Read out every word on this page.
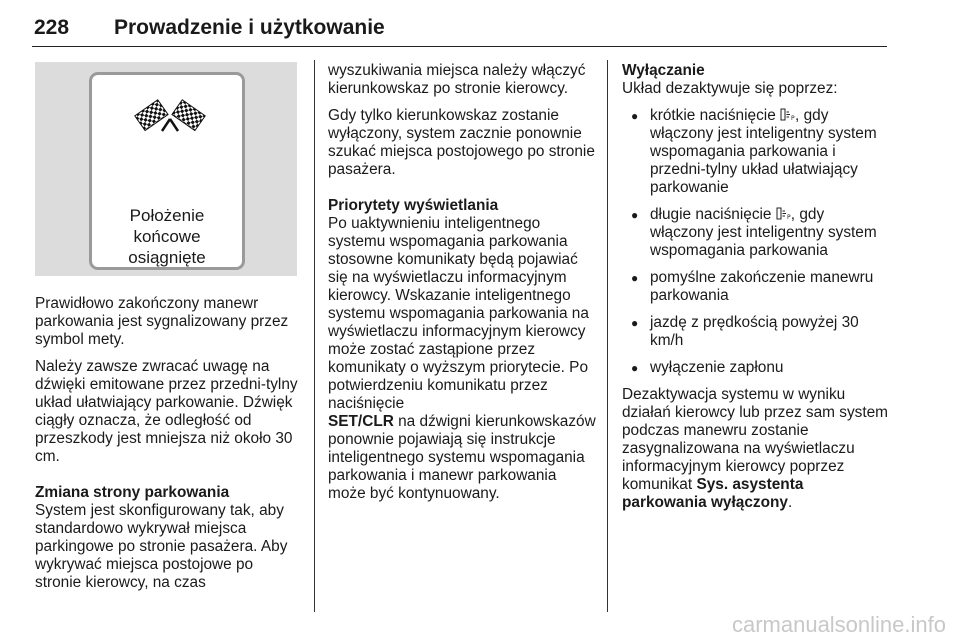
228 Prowadzenie i użytkowanie
Położenie
końcowe
osiągnięte

Prawidłowo zakończony manewr parkowania jest sygnalizowany przez symbol mety.

Należy zawsze zwracać uwagę na dźwięki emitowane przez przedni-tylny układ ułatwiający parkowanie. Dźwięk ciągły oznacza, że odległość od przeszkody jest mniejsza niż około 30 cm.

Zmiana strony parkowania

System jest skonfigurowany tak, aby standardowo wykrywał miejsca parkingowe po stronie pasażera. Aby wykrywać miejsca postojowe po stronie kierowcy, na czas

wyszukiwania miejsca należy włączyć kierunkowskaz po stronie kierowcy.

Gdy tylko kierunkowskaz zostanie wyłączony, system zacznie ponownie szukać miejsca postojowego po stronie pasażera.

Priorytety wyświetlania

Po uaktywnieniu inteligentnego systemu wspomagania parkowania stosowne komunikaty będą pojawiać się na wyświetlaczu informacyjnym kierowcy. Wskazanie inteligentnego systemu wspomagania parkowania na wyświetlaczu informacyjnym kierowcy może zostać zastąpione przez komunikaty o wyższym priorytecie. Po potwierdzeniu komunikatu przez naciśnięcie
SET/CLR na dźwigni kierunkowskazów ponownie pojawiają się instrukcje inteligentnego systemu wspomagania parkowania i manewr parkowania może być kontynuowany.

Wyłączanie

Układ dezaktywuje się poprzez:

● krótkie naciśnięcie	P , gdy włączony jest inteligentny system wspomagania parkowania i przedni-tylny układ ułatwiający parkowanie
● długie naciśnięcie	P , gdy włączony jest inteligentny system wspomagania parkowania
● pomyślne zakończenie manewru parkowania
● jazdę z prędkością powyżej 30 km/h
● wyłączenie zapłonu

Dezaktywacja systemu w wyniku działań kierowcy lub przez sam system podczas manewru zostanie zasygnalizowana na wyświetlaczu informacyjnym kierowcy poprzez komunikat Sys. asystenta parkowania wyłączony.

carmanualsonline.info
